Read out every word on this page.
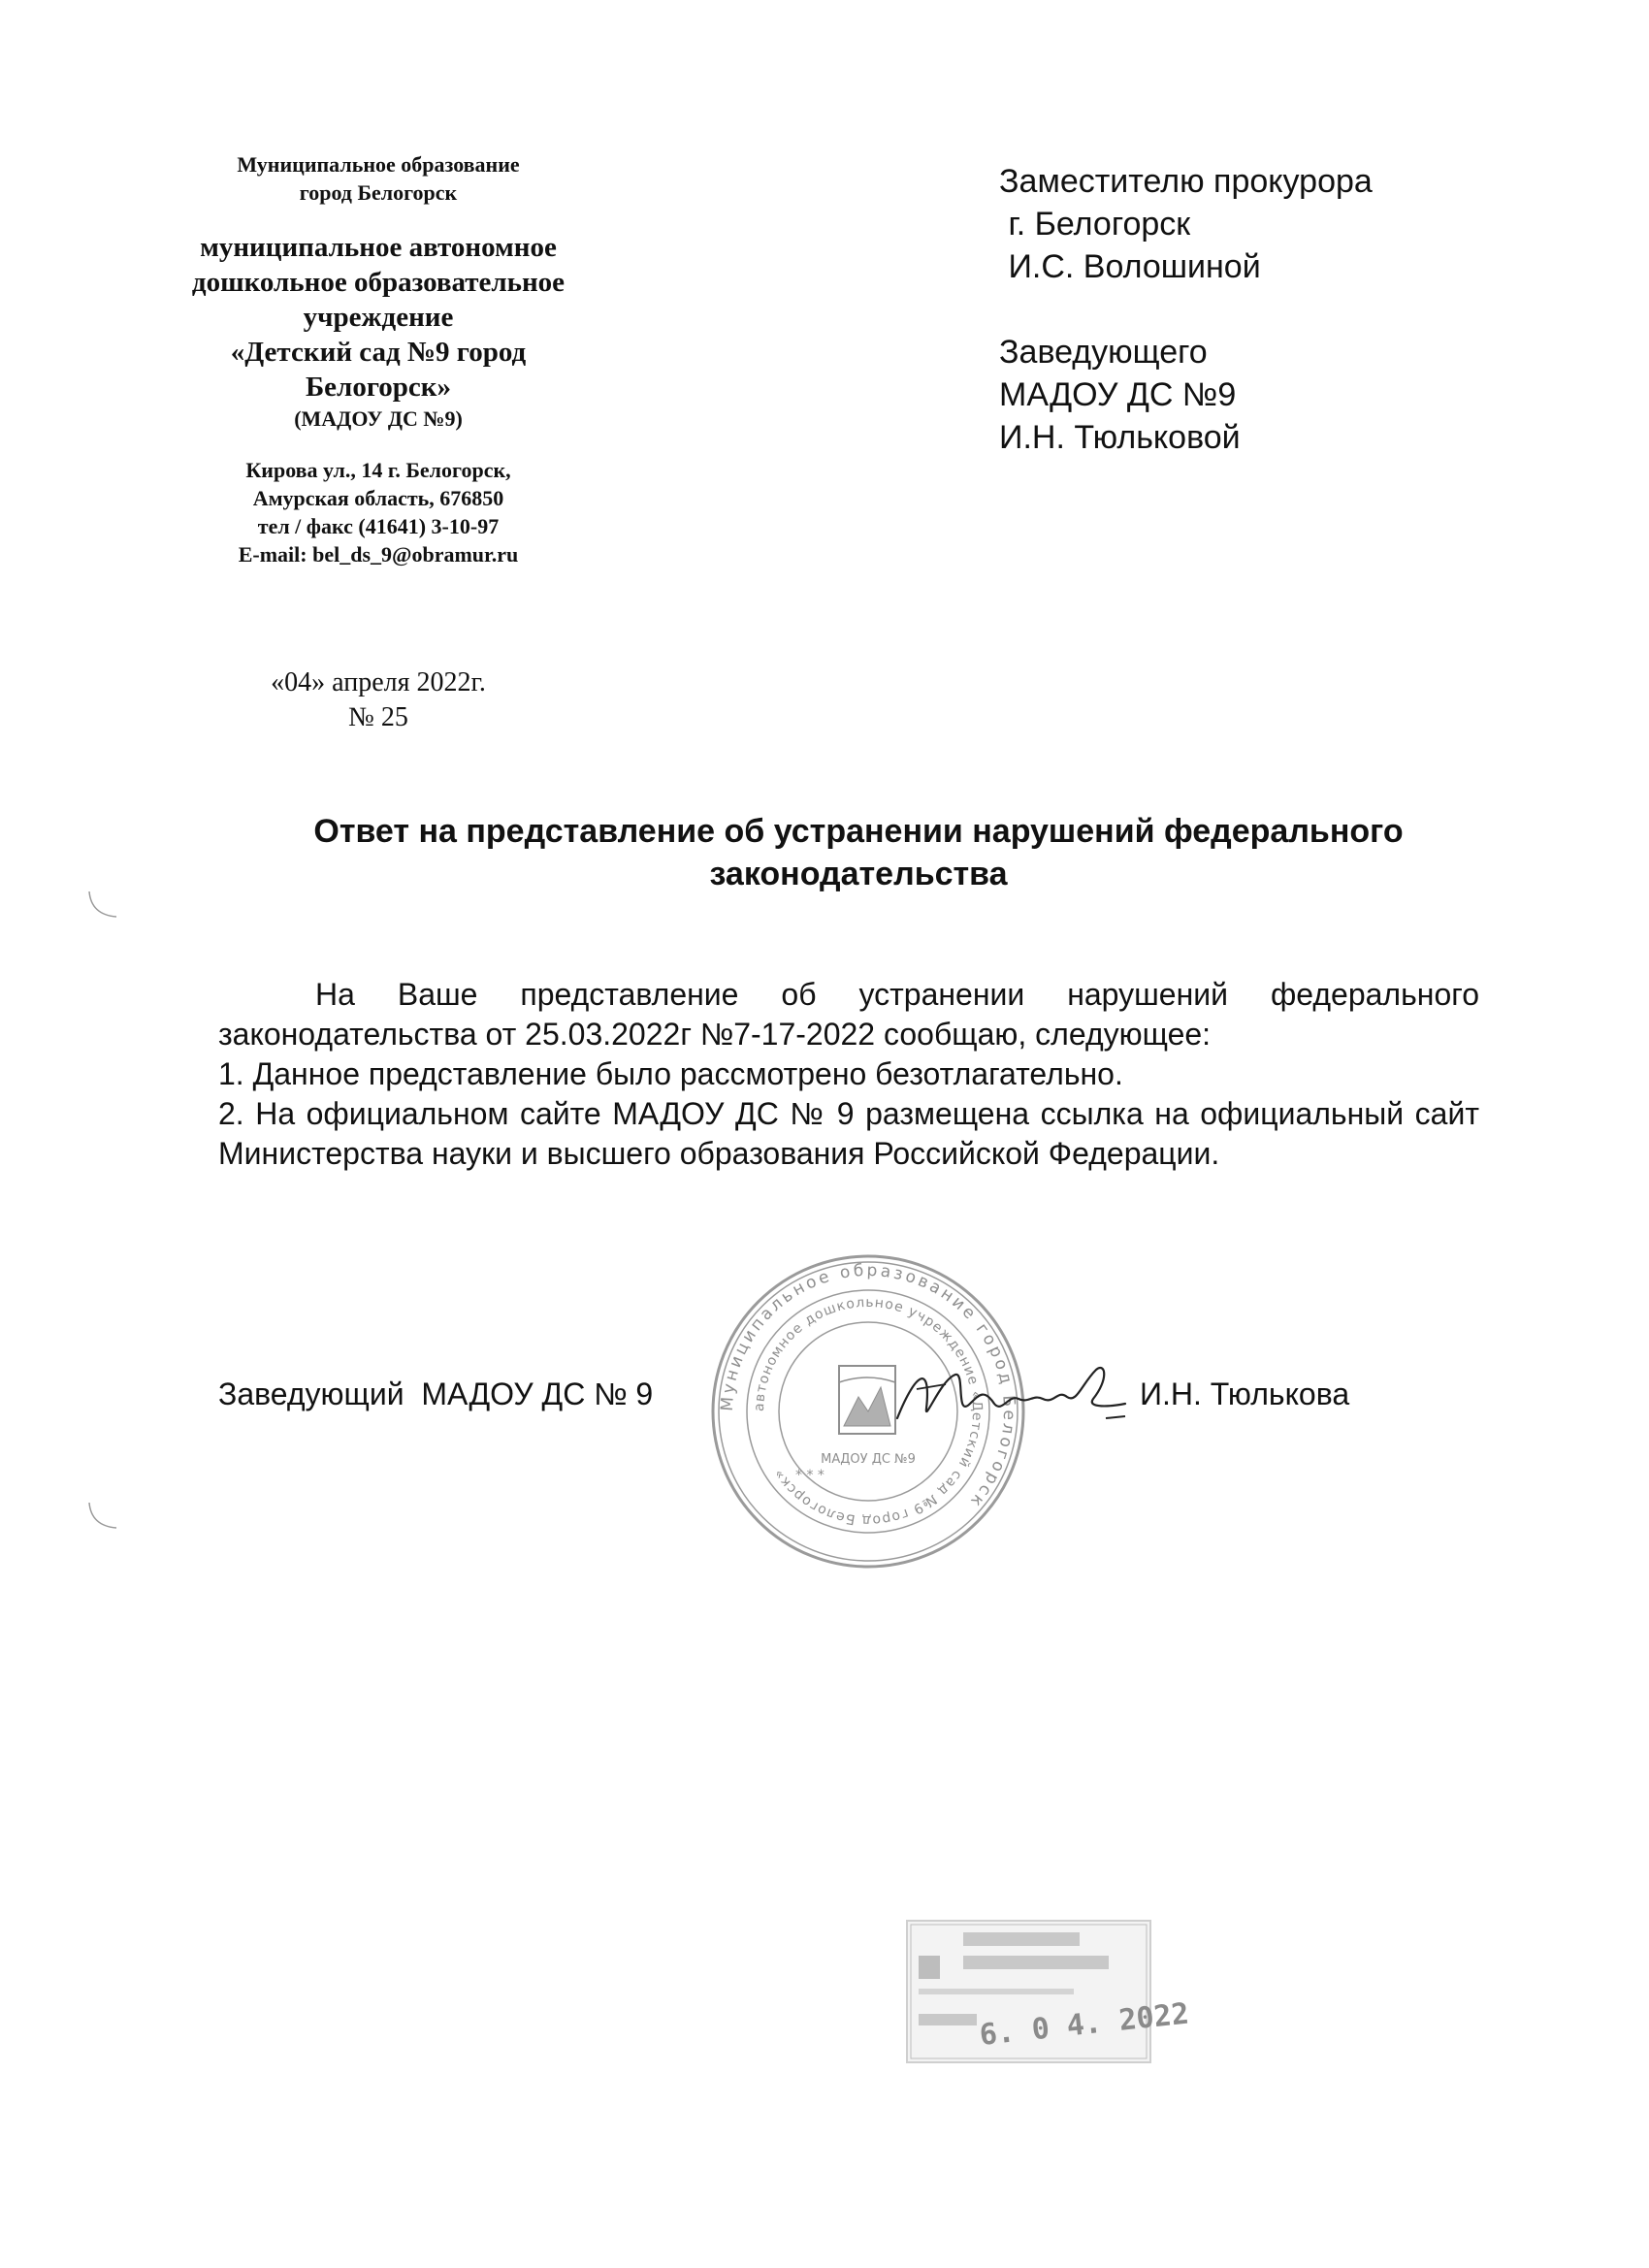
Муниципальное образование
город Белогорск
муниципальное автономное
дошкольное образовательное
учреждение
«Детский сад №9 город
Белогорск»
(МАДОУ ДС №9)
Кирова ул., 14 г. Белогорск,
Амурская область, 676850
тел / факс (41641) 3-10-97
E-mail: bel_ds_9@obramur.ru
«04» апреля 2022г.
№ 25
Заместителю прокурора
г. Белогорск
И.С. Волошиной
Заведующего
МАДОУ ДС №9
И.Н. Тюльковой
Ответ на представление об устранении нарушений федерального
законодательства

На Ваше представление об устранении нарушений федерального законодательства от 25.03.2022г №7-17-2022 сообщаю, следующее:

1. Данное представление было рассмотрено безотлагательно.

2. На официальном сайте МАДОУ ДС № 9 размещена ссылка на официальный сайт Министерства науки и высшего образования Российской Федерации.

Муниципальное образование город Белогорск
автономное дошкольное учреждение «Детский сад №9 город Белогорск»
МАДОУ ДС №9
* * *
Заведующий  МАДОУ ДС № 9	И.Н. Тюлькова
6. 0 4. 2022
